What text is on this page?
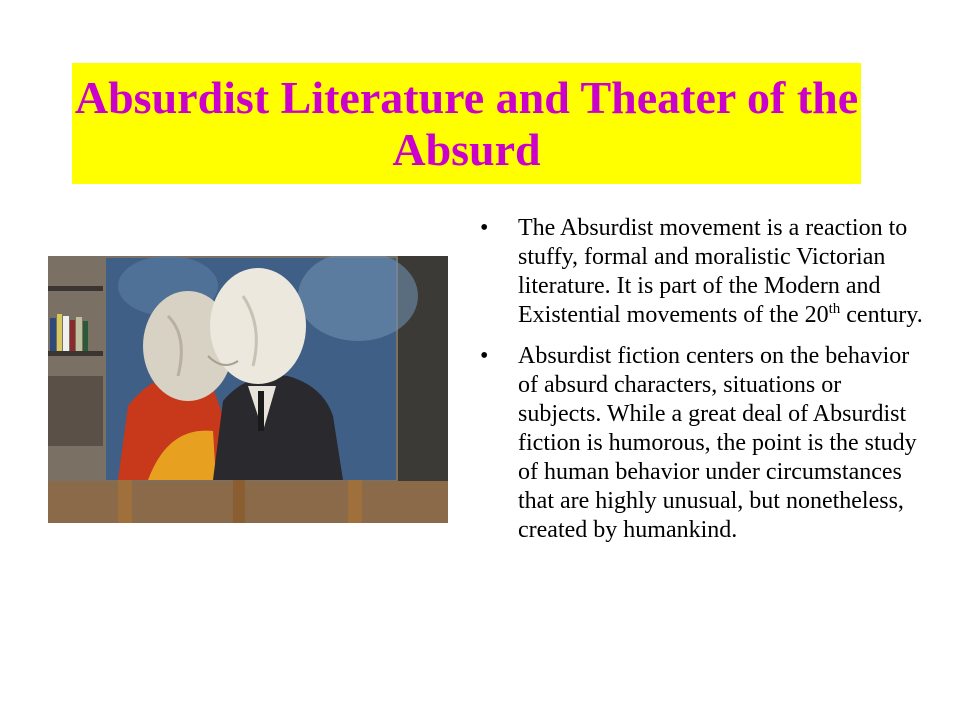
Absurdist Literature and Theater of the Absurd
• The Absurdist movement is a reaction to stuffy, formal and moralistic Victorian literature. It is part of the Modern and Existential movements of the 20th century.
• Absurdist fiction centers on the behavior of absurd characters, situations or subjects. While a great deal of Absurdist fiction is humorous, the point is the study of human behavior under circumstances that are highly unusual, but nonetheless, created by humankind.
